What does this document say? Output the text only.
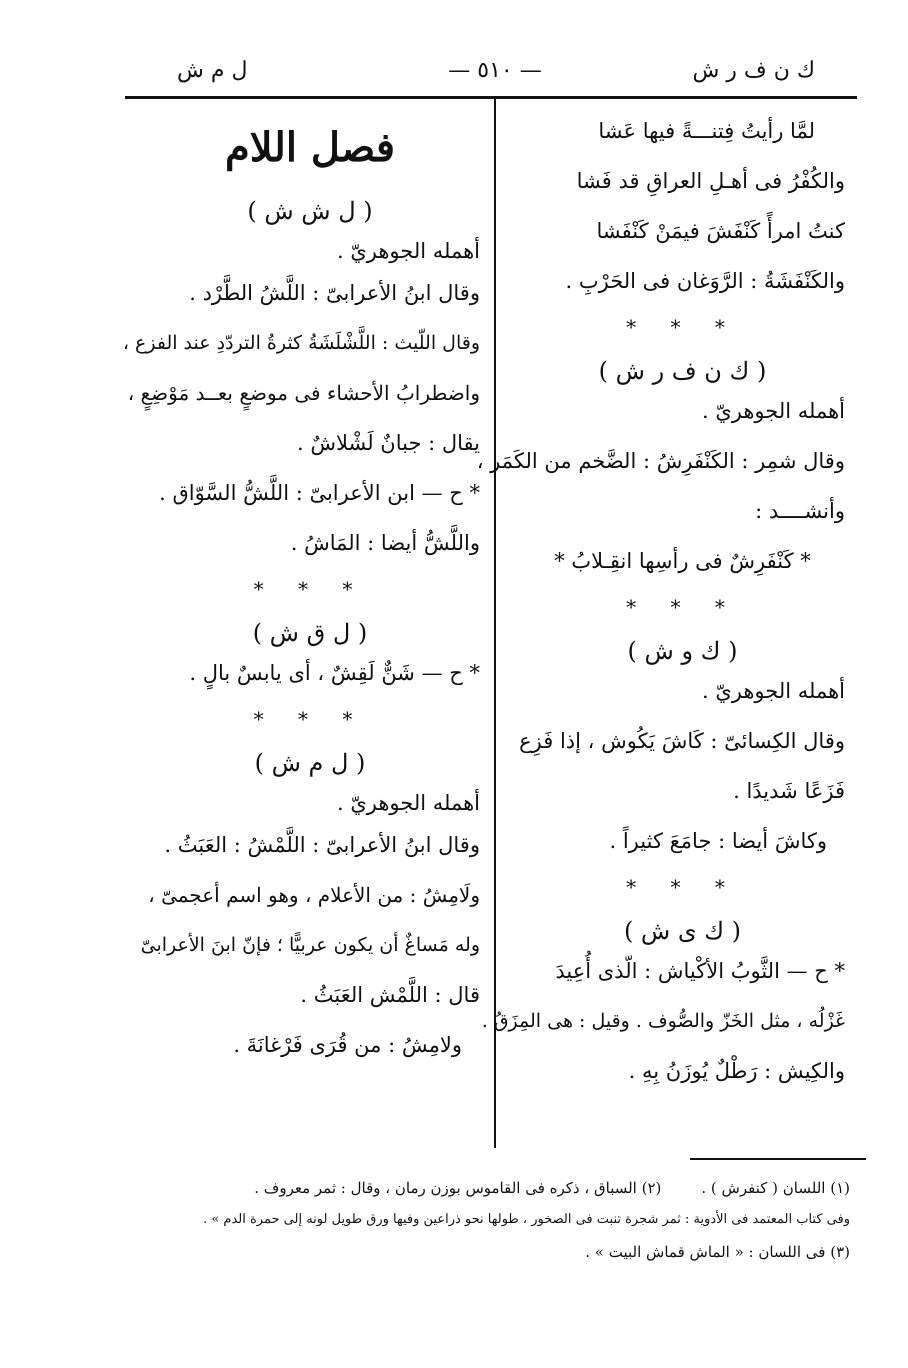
ك ن ف ر ش
— ٥١٠ —
ل م ش
لمَّا رأيتُ فِتنـــةً فيها عَشا
والكُفْرُ فى أهـلِ العراقِ قد فَشا
كنتُ امرأً كَنْفَشَ فيمَنْ كَنْفَشا
والكَنْفَشَةُ : الرَّوَغان فى الحَرْبِ .
* * *
( ك ن ف ر ش )
أهمله الجوهريّ .
وقال شمِر : الكَنْفَرِشُ : الضَّخم من الكَمَر ،
وأنشــــد :
* كَنْفَرِشٌ فى رأسِها انقِـلابُ *
* * *
( ك و ش )
أهمله الجوهريّ .
وقال الكِسائىّ : كَاشَ يَكُوش ، إذا فَزِع
فَزَعًا شَديدًا .
وكاشَ أيضا : جامَعَ كثيراً .
* * *
( ك ى ش )
* ح — الثَّوبُ الأكْياش : الّذى أُعِيدَ
غَزْلُه ، مثل الخَزّ والصُّوف . وقيل : هى المِزَقُ .
والكِيش : رَطْلٌ يُوزَنُ بِهِ .
فصل اللام
( ل ش ش )
أهمله الجوهريّ .
وقال ابنُ الأعرابىّ : اللَّشُ الطَّرْد .
وقال اللّيث : اللَّشْلَشَةُ كثرةُ التردّدِ عند الفزع ،
واضطرابُ الأحشاء فى موضعٍ بعــد مَوْضِعٍ ،
يقال : جبانٌ لَشْلاشٌ .
* ح — ابن الأعرابىّ : اللَّشُّ السَّوّاق .
واللَّشُّ أيضا : المَاشُ .
* * *
( ل ق ش )
* ح — شَنٌّ لَقِشٌ ، أى يابسٌ بالٍ .
* * *
( ل م ش )
أهمله الجوهريّ .
وقال ابنُ الأعرابىّ : اللَّمْشُ : العَبَثُ .
ولَامِشُ : من الأعلام ، وهو اسم أعجمىّ ،
وله مَساغٌ أن يكون عربيًّا ؛ فإنّ ابنَ الأعرابىّ
قال : اللَّمْش العَبَثُ .
ولامِشُ : من قُرَى فَرْغانَةَ .
(١) اللسان ( كنفرش ) .(٢) السباق ، ذكره فى القاموس بوزن رمان ، وقال : ثمر معروف .
وفى كتاب المعتمد فى الأدوية : ثمر شجرة تنبت فى الصخور ، طولها نحو ذراعين وفيها ورق طويل لونه إلى حمرة الدم » .
(٣) فى اللسان : « الماش قماش البيت » .
